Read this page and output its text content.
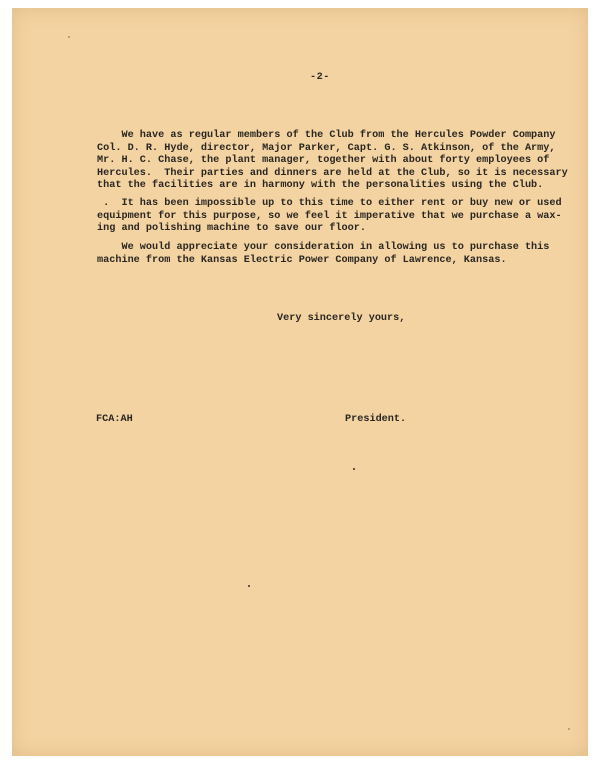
-2-
We have as regular members of the Club from the Hercules Powder Company
Col. D. R. Hyde, director, Major Parker, Capt. G. S. Atkinson, of the Army,
Mr. H. C. Chase, the plant manager, together with about forty employees of
Hercules.  Their parties and dinners are held at the Club, so it is necessary
that the facilities are in harmony with the personalities using the Club.
.  It has been impossible up to this time to either rent or buy new or used
equipment for this purpose, so we feel it imperative that we purchase a wax-
ing and polishing machine to save our floor.
We would appreciate your consideration in allowing us to purchase this
machine from the Kansas Electric Power Company of Lawrence, Kansas.
Very sincerely yours,
FCA:AH	President.
